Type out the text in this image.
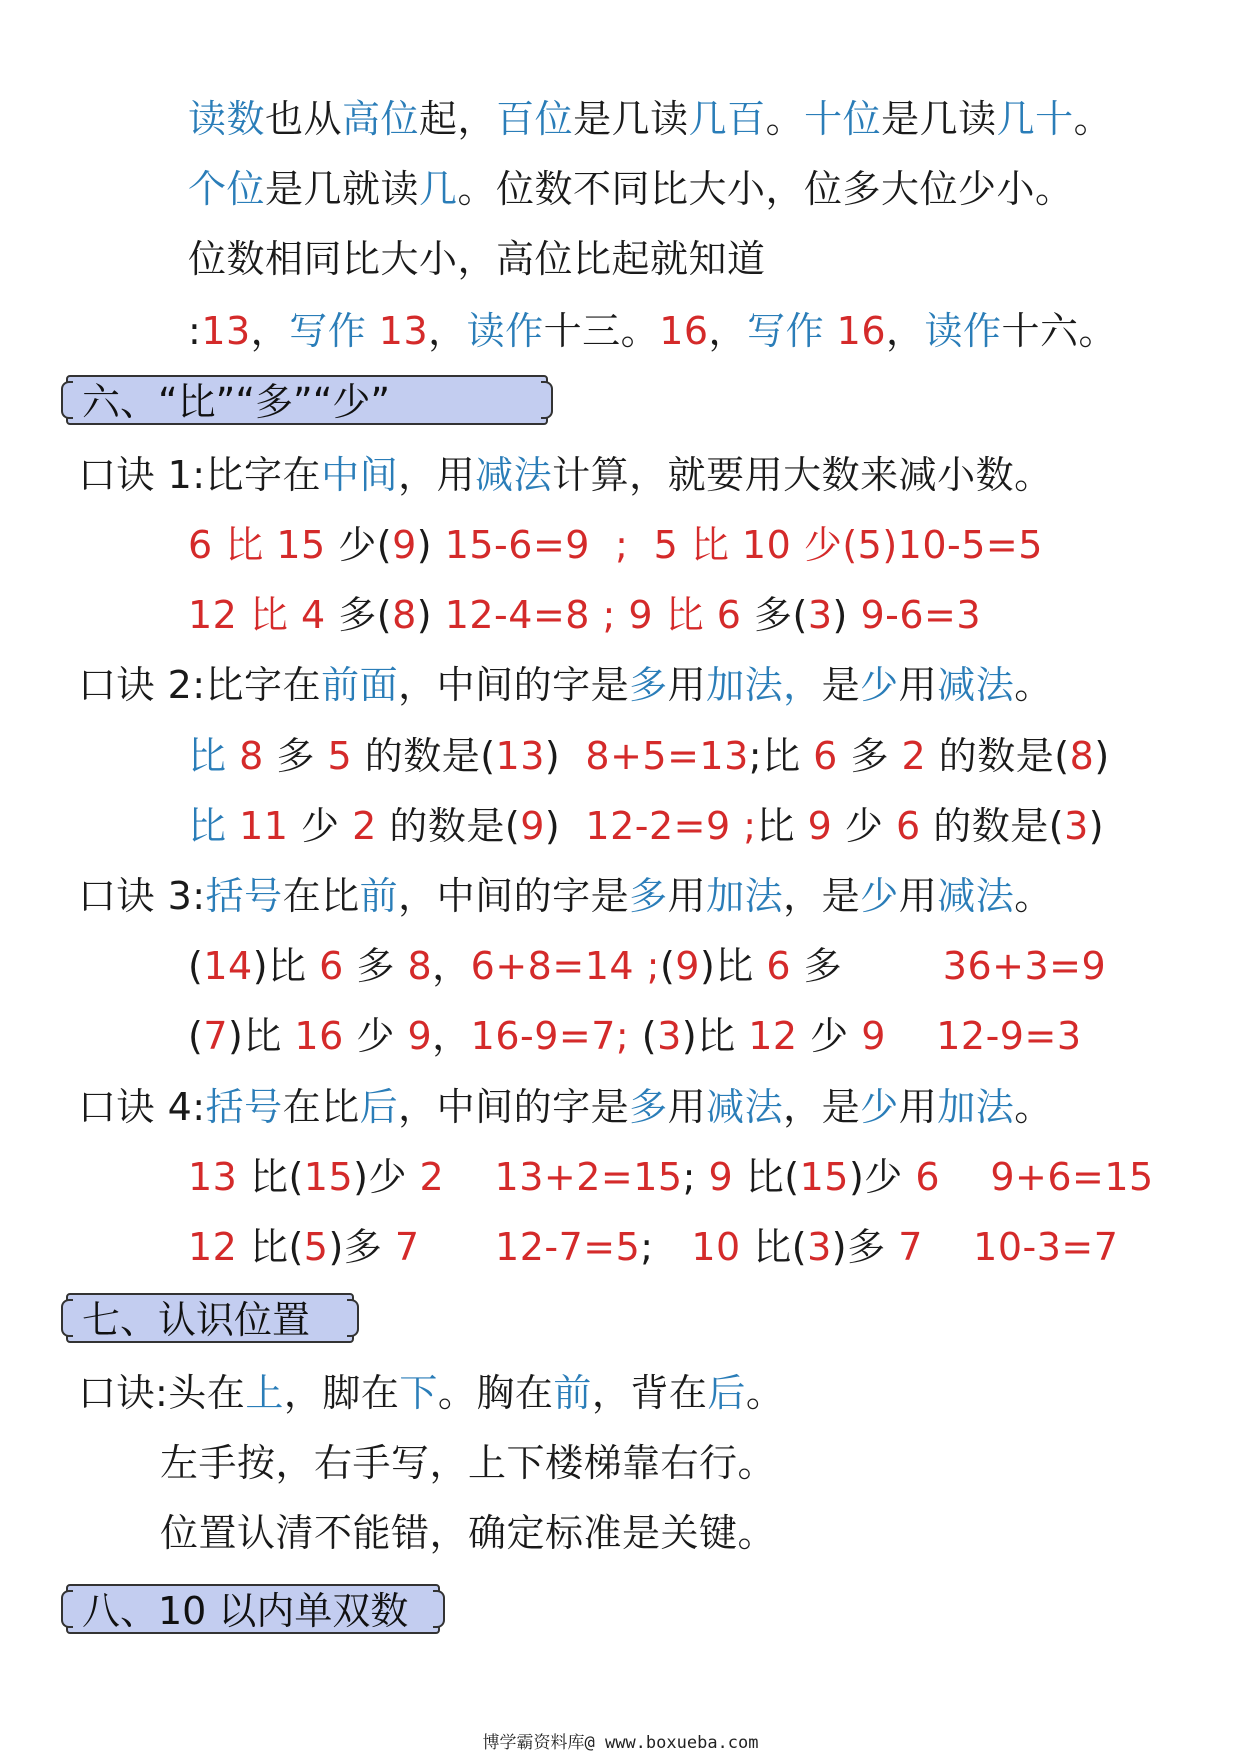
读数也从高位起，百位是几读几百。十位是几读几十。
个位是几就读几。位数不同比大小，位多大位少小。
位数相同比大小，高位比起就知道
:13，写作 13，读作十三。16，写作 16，读作十六。
六、“比”“多”“少”
口诀 1:比字在中间，用减法计算，就要用大数来减小数。
6 比 15 少(9) 15-6=9  ;  5 比 10 少(5)10-5=5
12 比 4 多(8) 12-4=8 ; 9 比 6 多(3) 9-6=3
口诀 2:比字在前面，中间的字是多用加法，是少用减法。
比 8 多 5 的数是(13)  8+5=13;比 6 多 2 的数是(8)
比 11 少 2 的数是(9)  12-2=9 ;比 9 少 6 的数是(3)
口诀 3:括号在比前，中间的字是多用加法，是少用减法。
(14)比 6 多 8，6+8=14 ;(9)比 6 多        36+3=9
(7)比 16 少 9，16-9=7; (3)比 12 少 9    12-9=3
口诀 4:括号在比后，中间的字是多用减法，是少用加法。
13 比(15)少 2    13+2=15; 9 比(15)少 6    9+6=15
12 比(5)多 7      12-7=5;   10 比(3)多 7    10-3=7
七、认识位置
口诀:头在上，脚在下。胸在前，背在后。
左手按，右手写，上下楼梯靠右行。
位置认清不能错，确定标准是关键。
八、10 以内单双数
博学霸资料库@ www.boxueba.com
